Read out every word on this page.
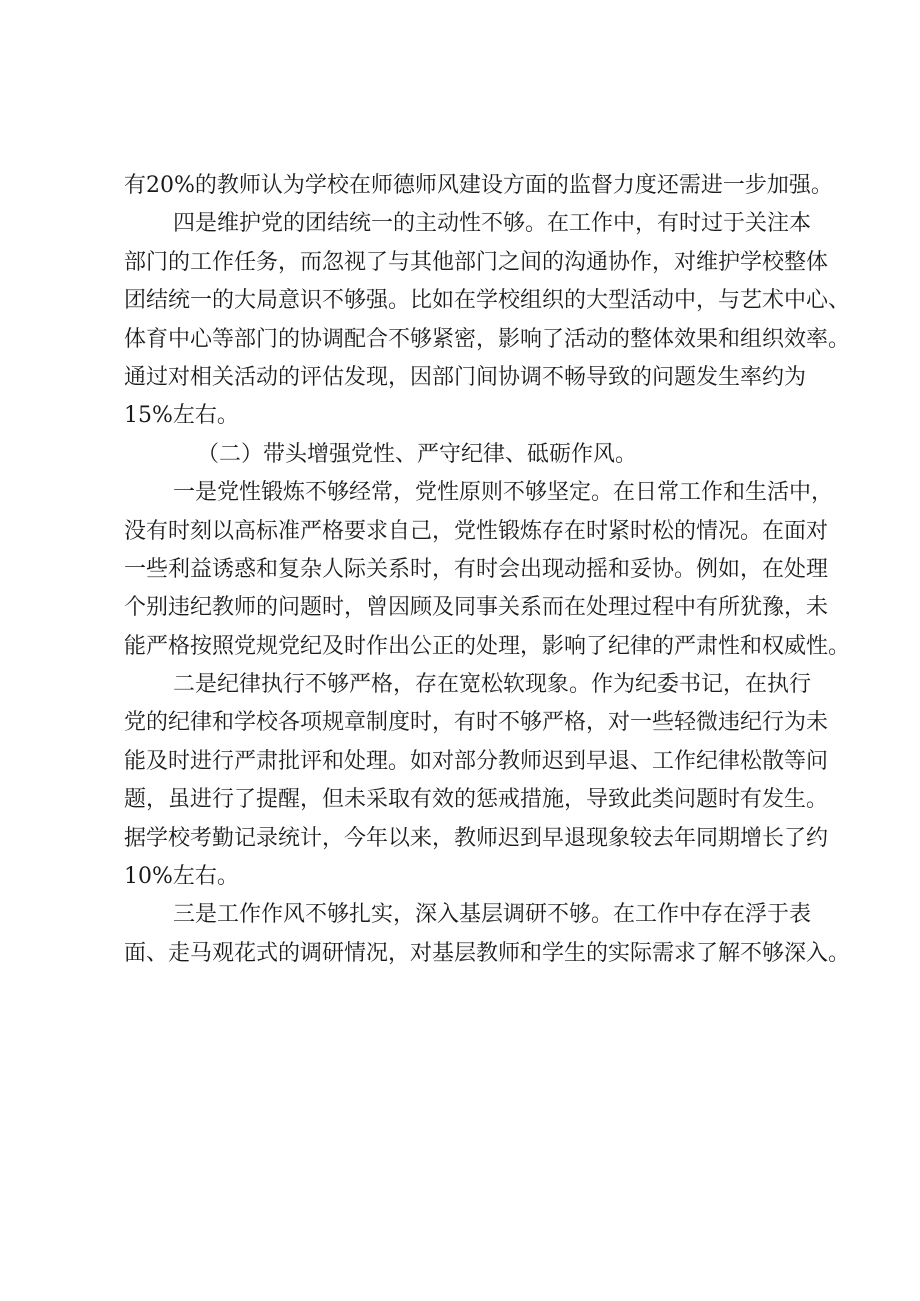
有20%的教师认为学校在师德师风建设方面的监督力度还需进一步加强。
四是维护党的团结统一的主动性不够。在工作中，有时过于关注本
部门的工作任务，而忽视了与其他部门之间的沟通协作，对维护学校整体
团结统一的大局意识不够强。比如在学校组织的大型活动中，与艺术中心、
体育中心等部门的协调配合不够紧密，影响了活动的整体效果和组织效率。
通过对相关活动的评估发现，因部门间协调不畅导致的问题发生率约为
15%左右。
（二）带头增强党性、严守纪律、砥砺作风。
一是党性锻炼不够经常，党性原则不够坚定。在日常工作和生活中，
没有时刻以高标准严格要求自己，党性锻炼存在时紧时松的情况。在面对
一些利益诱惑和复杂人际关系时，有时会出现动摇和妥协。例如，在处理
个别违纪教师的问题时，曾因顾及同事关系而在处理过程中有所犹豫，未
能严格按照党规党纪及时作出公正的处理，影响了纪律的严肃性和权威性。
二是纪律执行不够严格，存在宽松软现象。作为纪委书记，在执行
党的纪律和学校各项规章制度时，有时不够严格，对一些轻微违纪行为未
能及时进行严肃批评和处理。如对部分教师迟到早退、工作纪律松散等问
题，虽进行了提醒，但未采取有效的惩戒措施，导致此类问题时有发生。
据学校考勤记录统计，今年以来，教师迟到早退现象较去年同期增长了约
10%左右。
三是工作作风不够扎实，深入基层调研不够。在工作中存在浮于表
面、走马观花式的调研情况，对基层教师和学生的实际需求了解不够深入。
